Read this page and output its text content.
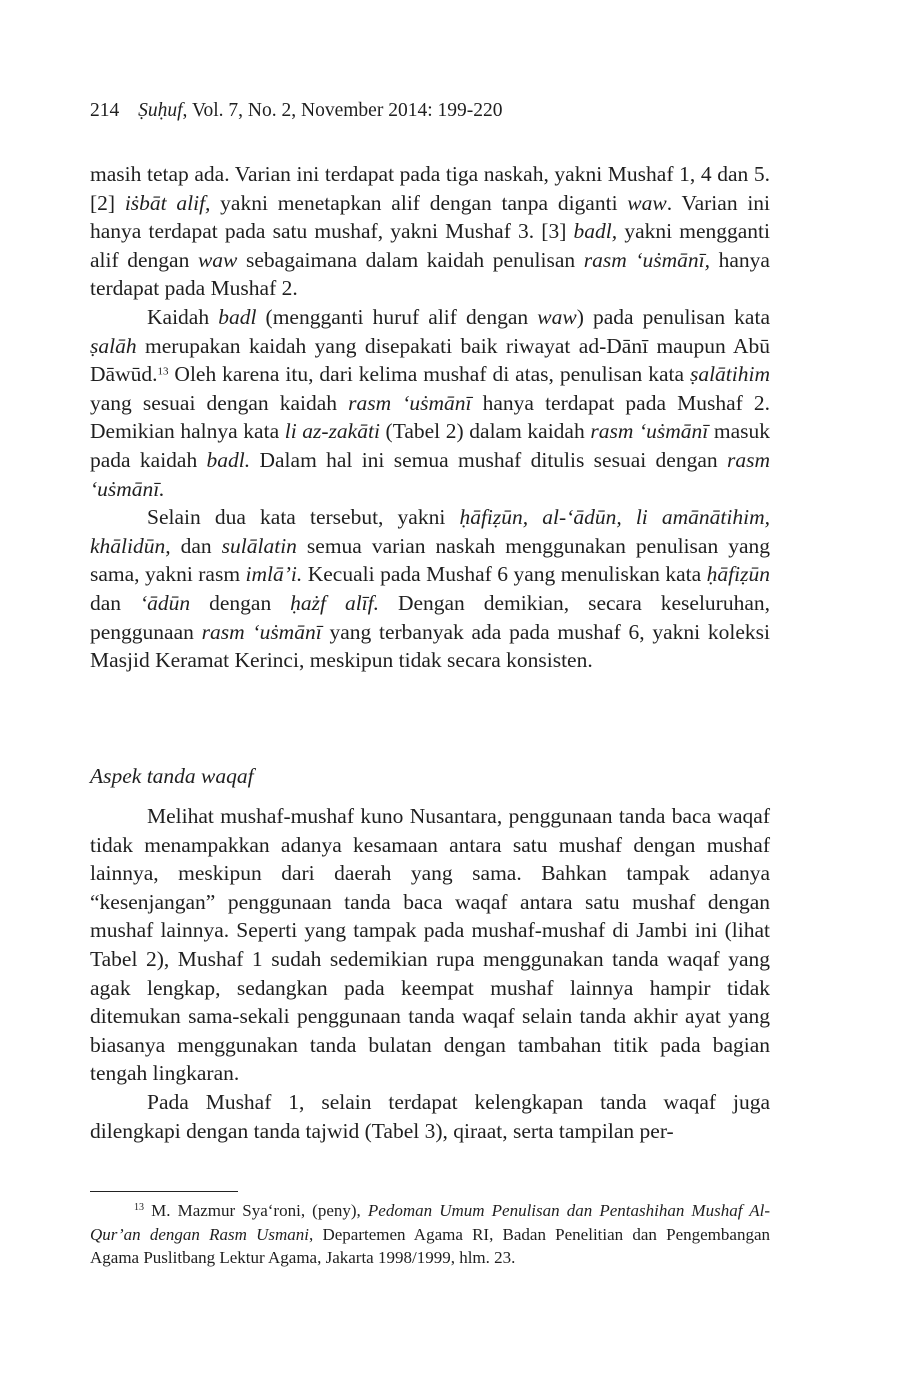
214 Ṣuḥuf, Vol. 7, No. 2, November 2014: 199-220

masih tetap ada. Varian ini terdapat pada tiga naskah, yakni Mushaf 1, 4 dan 5. [2] iṡbāt alif, yakni menetapkan alif dengan tanpa diganti waw. Varian ini hanya terdapat pada satu mushaf, yakni Mushaf 3. [3] badl, yakni mengganti alif dengan waw sebagaimana dalam kaidah penulisan rasm ‘uṡmānī, hanya terdapat pada Mushaf 2.

Kaidah badl (mengganti huruf alif dengan waw) pada penulisan kata ṣalāh merupakan kaidah yang disepakati baik riwayat ad-Dānī maupun Abū Dāwūd.$^{13}$ Oleh karena itu, dari kelima mushaf di atas, penulisan kata ṣalātihim yang sesuai dengan kaidah rasm ‘uṡmānī hanya terdapat pada Mushaf 2. Demikian halnya kata li az-zakāti (Tabel 2) dalam kaidah rasm ‘uṡmānī masuk pada kaidah badl. Dalam hal ini semua mushaf ditulis sesuai dengan rasm ‘uṡmānī.

Selain dua kata tersebut, yakni ḥāfiẓūn, al-‘ādūn, li amānātihim, khālidūn, dan sulālatin semua varian naskah menggunakan penulisan yang sama, yakni rasm imlā’i. Kecuali pada Mushaf 6 yang menuliskan kata ḥāfiẓūn dan ‘ādūn dengan ḥażf alīf. Dengan demikian, secara keseluruhan, penggunaan rasm ‘uṡmānī yang terbanyak ada pada mushaf 6, yakni koleksi Masjid Keramat Kerinci, meskipun tidak secara konsisten.

Aspek tanda waqaf

Melihat mushaf-mushaf kuno Nusantara, penggunaan tanda baca waqaf tidak menampakkan adanya kesamaan antara satu mushaf dengan mushaf lainnya, meskipun dari daerah yang sama. Bahkan tampak adanya “kesenjangan” penggunaan tanda baca waqaf antara satu mushaf dengan mushaf lainnya. Seperti yang tampak pada mushaf-mushaf di Jambi ini (lihat Tabel 2), Mushaf 1 sudah sedemikian rupa menggunakan tanda waqaf yang agak lengkap, sedangkan pada keempat mushaf lainnya hampir tidak ditemukan sama-sekali penggunaan tanda waqaf selain tanda akhir ayat yang biasanya menggunakan tanda bulatan dengan tambahan titik pada bagian tengah lingkaran.

Pada Mushaf 1, selain terdapat kelengkapan tanda waqaf juga dilengkapi dengan tanda tajwid (Tabel 3), qiraat, serta tampilan per-

$^{13}$ M. Mazmur Sya‘roni, (peny), Pedoman Umum Penulisan dan Pentashihan Mushaf Al-Qur’an dengan Rasm Usmani, Departemen Agama RI, Badan Penelitian dan Pengembangan Agama Puslitbang Lektur Agama, Jakarta 1998/1999, hlm. 23.
